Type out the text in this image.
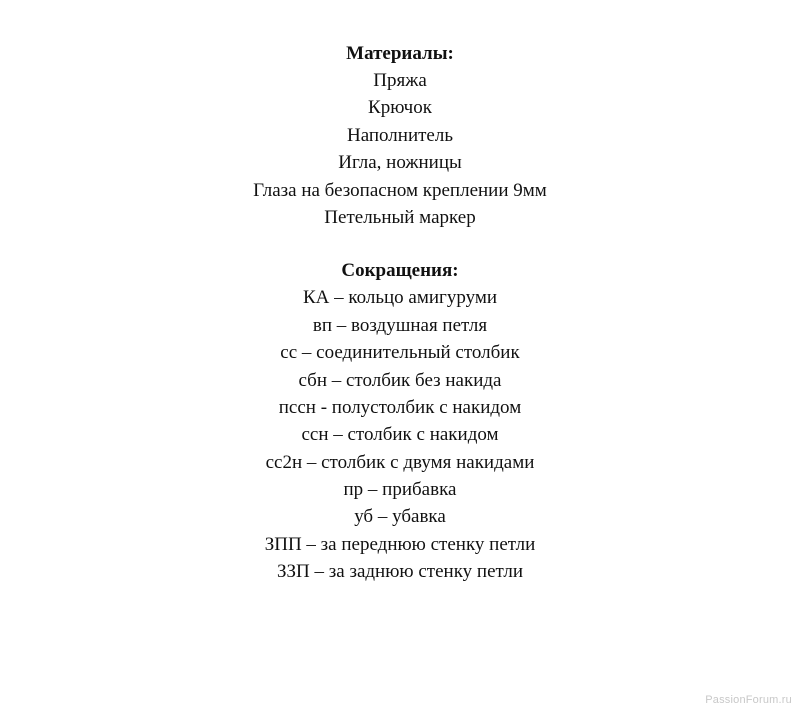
Материалы:

Пряжа

Крючок

Наполнитель

Игла, ножницы

Глаза на безопасном креплении 9мм

Петельный маркер

Сокращения:

КА – кольцо амигуруми

вп – воздушная петля

сс – соединительный столбик

сбн – столбик без накида

пссн - полустолбик с накидом

ссн – столбик с накидом

сс2н – столбик с двумя накидами

пр – прибавка

уб – убавка

ЗПП – за переднюю стенку петли

ЗЗП – за заднюю стенку петли

PassionForum.ru
